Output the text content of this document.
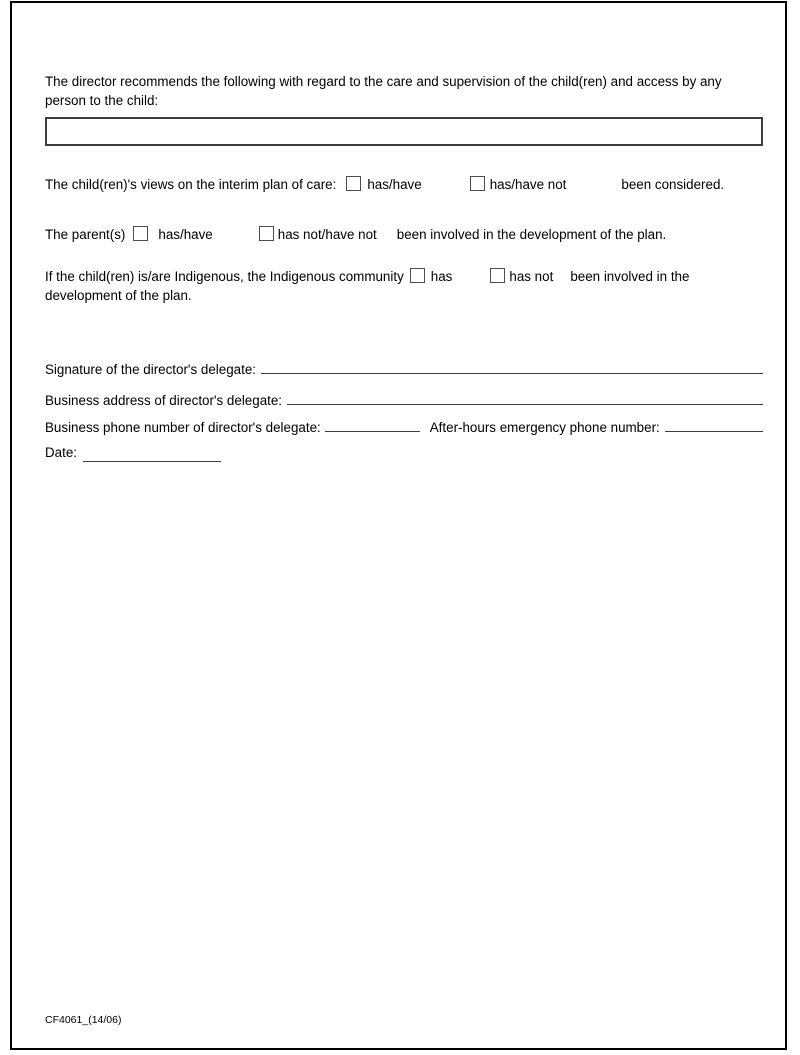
The director recommends the following with regard to the care and supervision of the child(ren) and access by any person to the child:

The child(ren)'s views on the interim plan of care: has/have	has/have not	been considered.

The parent(s) has/have	has not/have not been involved in the development of the plan.

If the child(ren) is/are Indigenous, the Indigenous community has	has not been involved in the development of the plan.

Signature of the director's delegate:
Business address of director's delegate:
Business phone number of director's delegate:	After-hours emergency phone number:
Date:
CF4061_(14/06)
